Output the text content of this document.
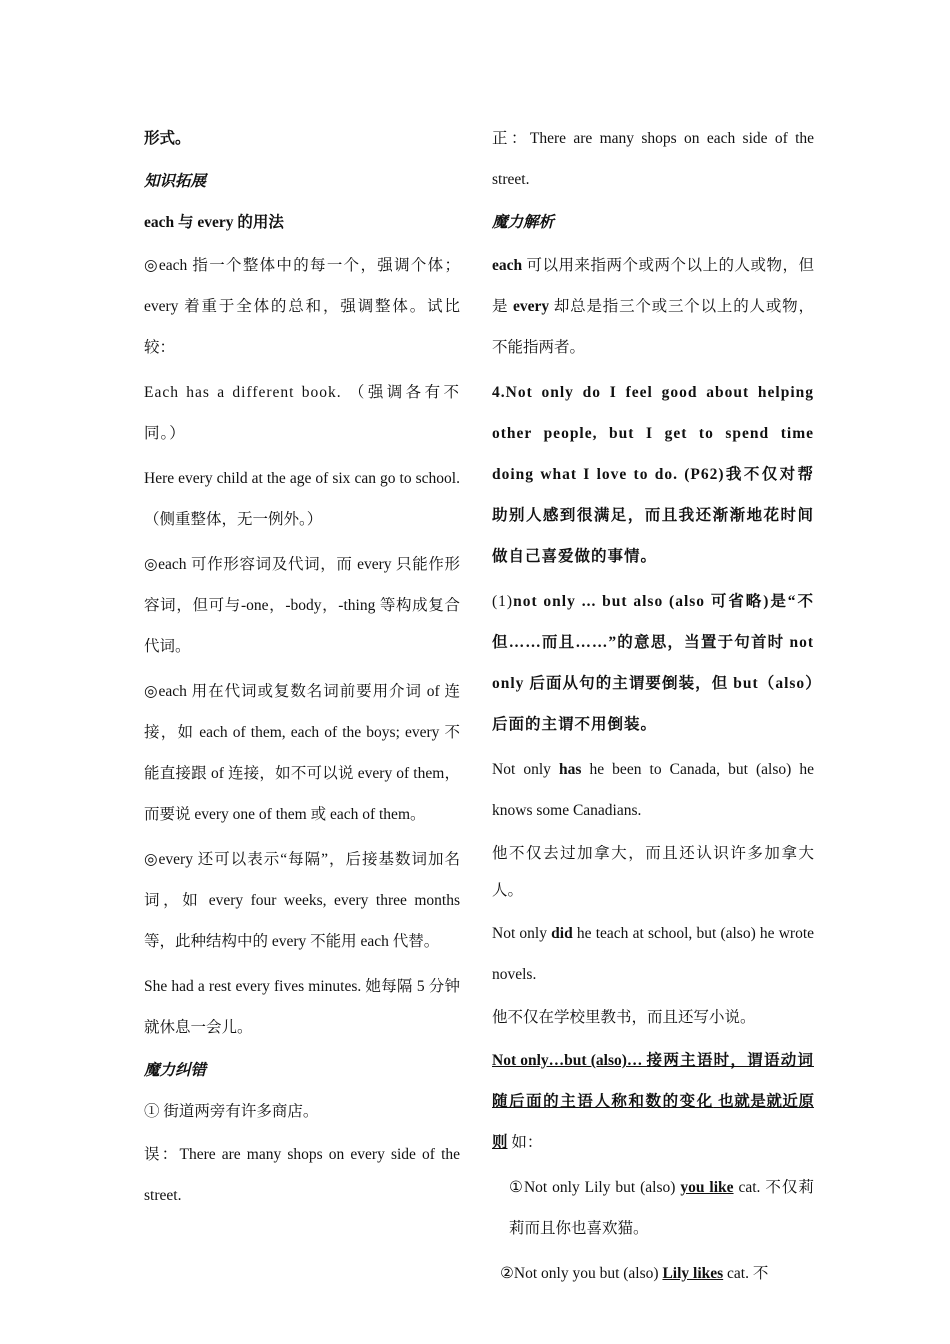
形式。

知识拓展

each 与 every 的用法

◎each 指一个整体中的每一个，强调个体；every 着重于全体的总和，强调整体。试比较：

Each has a different book. （强调各有不同。）

Here every child at the age of six can go to school. （侧重整体，无一例外。）

◎each 可作形容词及代词，而 every 只能作形容词，但可与-one，-body，-thing 等构成复合代词。

◎each 用在代词或复数名词前要用介词 of 连接，如 each of them, each of the boys; every 不能直接跟 of 连接，如不可以说 every of them，而要说 every one of them 或 each of them。

◎every 还可以表示“每隔”，后接基数词加名词，如 every four weeks, every three months 等，此种结构中的 every 不能用 each 代替。

She had a rest every fives minutes. 她每隔 5 分钟就休息一会儿。

魔力纠错

① 街道两旁有许多商店。

误：There are many shops on every side of the street.

正：There are many shops on each side of the street.

魔力解析

each 可以用来指两个或两个以上的人或物，但是 every 却总是指三个或三个以上的人或物，不能指两者。

4.Not only do I feel good about helping other people, but I get to spend time doing what I love to do. (P62)我不仅对帮助别人感到很满足，而且我还渐渐地花时间做自己喜爱做的事情。

(1)not only ... but also (also 可省略)是“不但……而且……”的意思，当置于句首时 not only 后面从句的主谓要倒装，但 but（also）后面的主谓不用倒装。

Not only has he been to Canada, but (also) he knows some Canadians.

他不仅去过加拿大，而且还认识许多加拿大人。

Not only did he teach at school, but (also) he wrote novels.

他不仅在学校里教书，而且还写小说。

Not only…but (also)… 接两主语时，谓语动词随后面的主语人称和数的变化 也就是就近原则 如：

①Not only Lily but (also) you like cat. 不仅莉莉而且你也喜欢猫。

②Not only you but (also) Lily likes cat. 不
